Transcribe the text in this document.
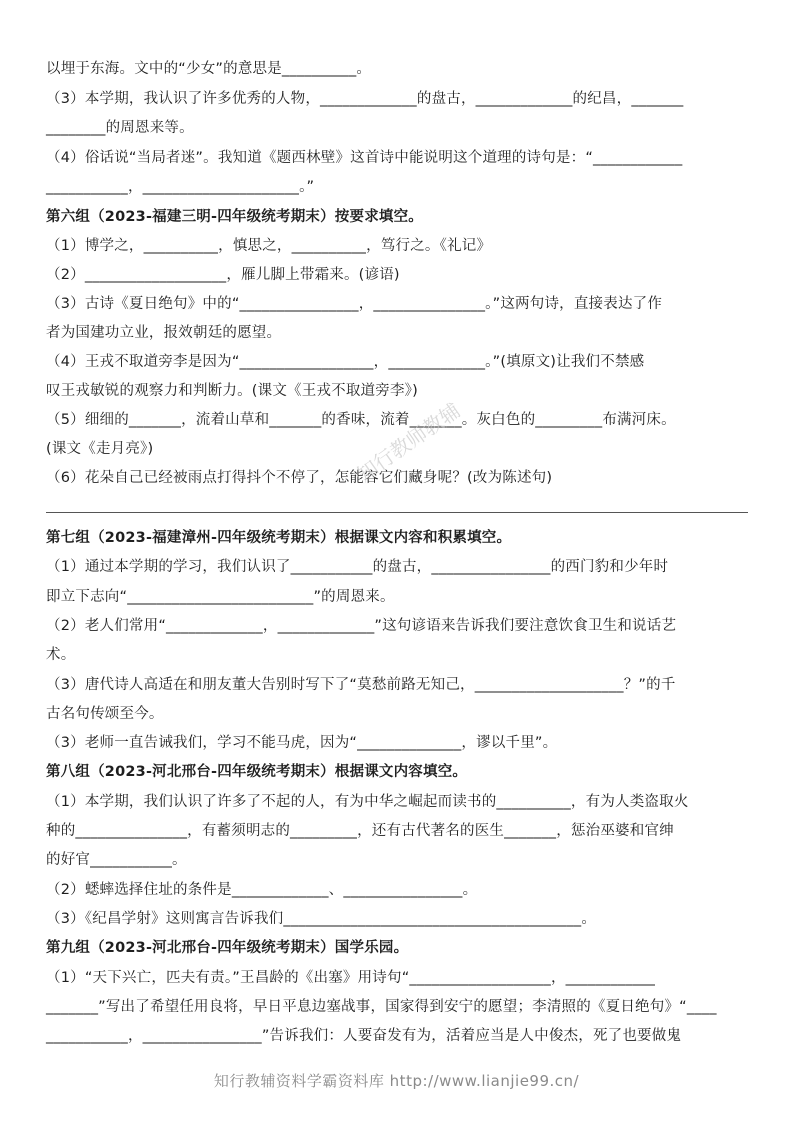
以埋于东海。文中的“少女”的意思是__________。
（3）本学期，我认识了许多优秀的人物，_____________的盘古，_____________的纪昌，_______
________的周恩来等。
（4）俗话说“当局者迷”。我知道《题西林壁》这首诗中能说明这个道理的诗句是：“____________
___________，_____________________。”
第六组（2023-福建三明-四年级统考期末）按要求填空。
（1）博学之，__________，慎思之，__________，笃行之。《礼记》
（2）___________________，雁儿脚上带霜来。(谚语)
（3）古诗《夏日绝句》中的“________________，_______________。”这两句诗，直接表达了作
者为国建功立业，报效朝廷的愿望。
（4）王戎不取道旁李是因为“__________________，_____________。”(填原文)让我们不禁感
叹王戎敏锐的观察力和判断力。(课文《王戎不取道旁李》)
（5）细细的_______，流着山草和_______的香味，流着_______。灰白色的_________布满河床。
(课文《走月亮》)
（6）花朵自己已经被雨点打得抖个不停了，怎能容它们藏身呢？(改为陈述句)
第七组（2023-福建漳州-四年级统考期末）根据课文内容和积累填空。
（1）通过本学期的学习，我们认识了___________的盘古，________________的西门豹和少年时
即立下志向“_________________________”的周恩来。
（2）老人们常用“_____________，_____________”这句谚语来告诉我们要注意饮食卫生和说话艺
术。
（3）唐代诗人高适在和朋友董大告别时写下了“莫愁前路无知己，____________________？”的千
古名句传颂至今。
（3）老师一直告诫我们，学习不能马虎，因为“______________，谬以千里”。
第八组（2023-河北邢台-四年级统考期末）根据课文内容填空。
（1）本学期，我们认识了许多了不起的人，有为中华之崛起而读书的__________，有为人类盗取火
种的_______________，有蓄须明志的_________，还有古代著名的医生_______，惩治巫婆和官绅
的好官___________。
（2）蟋蟀选择住址的条件是_____________、________________。
（3）《纪昌学射》这则寓言告诉我们________________________________________。
第九组（2023-河北邢台-四年级统考期末）国学乐园。
（1）“天下兴亡，匹夫有责。”王昌龄的《出塞》用诗句“___________________，____________
_______”写出了希望任用良将，早日平息边塞战事，国家得到安宁的愿望；李清照的《夏日绝句》“____
___________，________________”告诉我们：人要奋发有为，活着应当是人中俊杰，死了也要做鬼
知行教师教辅
知行教辅资料学霸资料库 http://www.lianjie99.cn/
